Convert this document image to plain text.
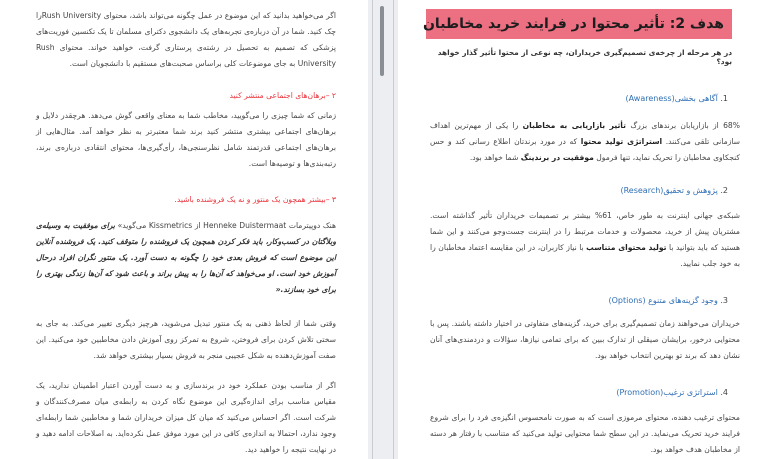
اگر می‌خواهید بدانید که این موضوع در عمل چگونه می‌تواند باشد، محتوای Rush Universityرا چک کنید. شما در آن درباره‌ی تجربه‌های یک دانشجوی دکترای مسلمان تا یک تکنسین فوریت‌های پزشکی که تصمیم به تحصیل در رشته‌ی پرستاری گرفت، خواهید خواند. محتوای Rush University به جای موضوعات کلی براساس صحبت‌های مستقیم با دانشجویان است.
۲ –برهان‌های اجتماعی منتشر کنید
زمانی که شما چیزی را می‌گویید، مخاطب شما به معنای واقعی گوش می‌دهد. هرچقدر دلایل و برهان‌های اجتماعی بیشتری منتشر کنید برند شما معتبرتر به نظر خواهد آمد. مثال‌هایی از برهان‌های اجتماعی قدرتمند شامل نظرسنجی‌ها، رأی‌گیری‌ها، محتوای انتقادی درباره‌ی برند، رتبه‌بندی‌ها و توصیه‌ها است.
۳ –بیشتر همچون یک منتور و نه یک فروشنده باشید.
هنک دوپیترمات Henneke Duistermaat از Kissmetrics می‌گوید» برای موفقیت به وسیله‌ی وبلاگتان در کسب‌وکار، باید فکر کردن همچون یک فروشنده را متوقف کنید. یک فروشنده آنلاین این موضوع است که فروش بعدی خود را چگونه به دست آورد. یک منتور نگران افراد درحال آموزش خود است. او می‌خواهد که آن‌ها را به پیش براند و باعث شود که آن‌ها زندگی بهتری را برای خود بسازند.«
وقتی شما از لحاظ ذهنی به یک منتور تبدیل می‌شوید، هرچیز دیگری تغییر می‌کند. به جای به سختی تلاش کردن برای فروختن، شروع به تمرکز روی آموزش دادن مخاطبین خود می‌کنید. این صفت آموزش‌دهنده به شکل عجیبی منجر به فروش بسیار بیشتری خواهد شد.
اگر از مناسب بودن عملکرد خود در برندسازی و به دست آوردن اعتبار اطمینان ندارید، یک مقیاس مناسب برای اندازه‌گیری این موضوع نگاه کردن به رابطه‌ی میان مصرف‌کنندگان و شرکت است. اگر احساس می‌کنید که میان کل میزان خریداران شما و مخاطبین شما رابطه‌ای وجود ندارد، احتمالا به اندازه‌ی کافی در این مورد موفق عمل نکرده‌اید. به اصلاحات ادامه دهید و در نهایت نتیجه را خواهید دید.
هدف 2: تأثیر محتوا در فرایند خرید مخاطبان
در هر مرحله از چرخه‌ی تصمیم‌گیری خریداران، چه نوعی از محتوا تأثیر گذار خواهد بود؟
1. آگاهی بخشی(Awareness)
68% از بازاریابان برندهای بزرگ تأثیر بازاریابی به مخاطبان را یکی از مهم‌ترین اهداف سازمانی تلقی می‌کنند. استراتژی تولید محتوا که در مورد برندتان اطلاع رسانی کند و حس کنجکاوی مخاطبان را تحریک نماید، تنها فرمول موفقیت در برندینگ شما خواهد بود.
2. پژوهش و تحقیق(Research)
شبکه‌ی جهانی اینترنت به طور خاص، 61% بیشتر بر تصمیمات خریداران تأثیر گذاشته است. مشتریان پیش از خرید، محصولات و خدمات مرتبط را در اینترنت جست‌وجو می‌کنند و این شما هستید که باید بتوانید با تولید محتوای متناسب با نیاز کاربران، در این مقایسه اعتماد مخاطبان را به خود جلب نمایید.
3. وجود گزینه‌های متنوع (Options)
خریداران می‌خواهند زمان تصمیم‌گیری برای خرید، گزینه‌های متفاوتی در اختیار داشته باشند. پس با محتوایی درخور، برایشان صیقلی از تدارک ببین که برای تمامی نیازها، سؤالات و دردمندی‌های آنان نشان دهد که برند تو بهترین انتخاب خواهد بود.
4. استراتژی ترغیب(Promotion)
محتوای ترغیب دهنده، محتوای مرموزی است که به صورت نامحسوس انگیزه‌ی فرد را برای شروع فرایند خرید تحریک می‌نماید. در این سطح شما محتوایی تولید می‌کنید که متناسب با رفتار هر دسته از مخاطبان هدف خواهد بود.
